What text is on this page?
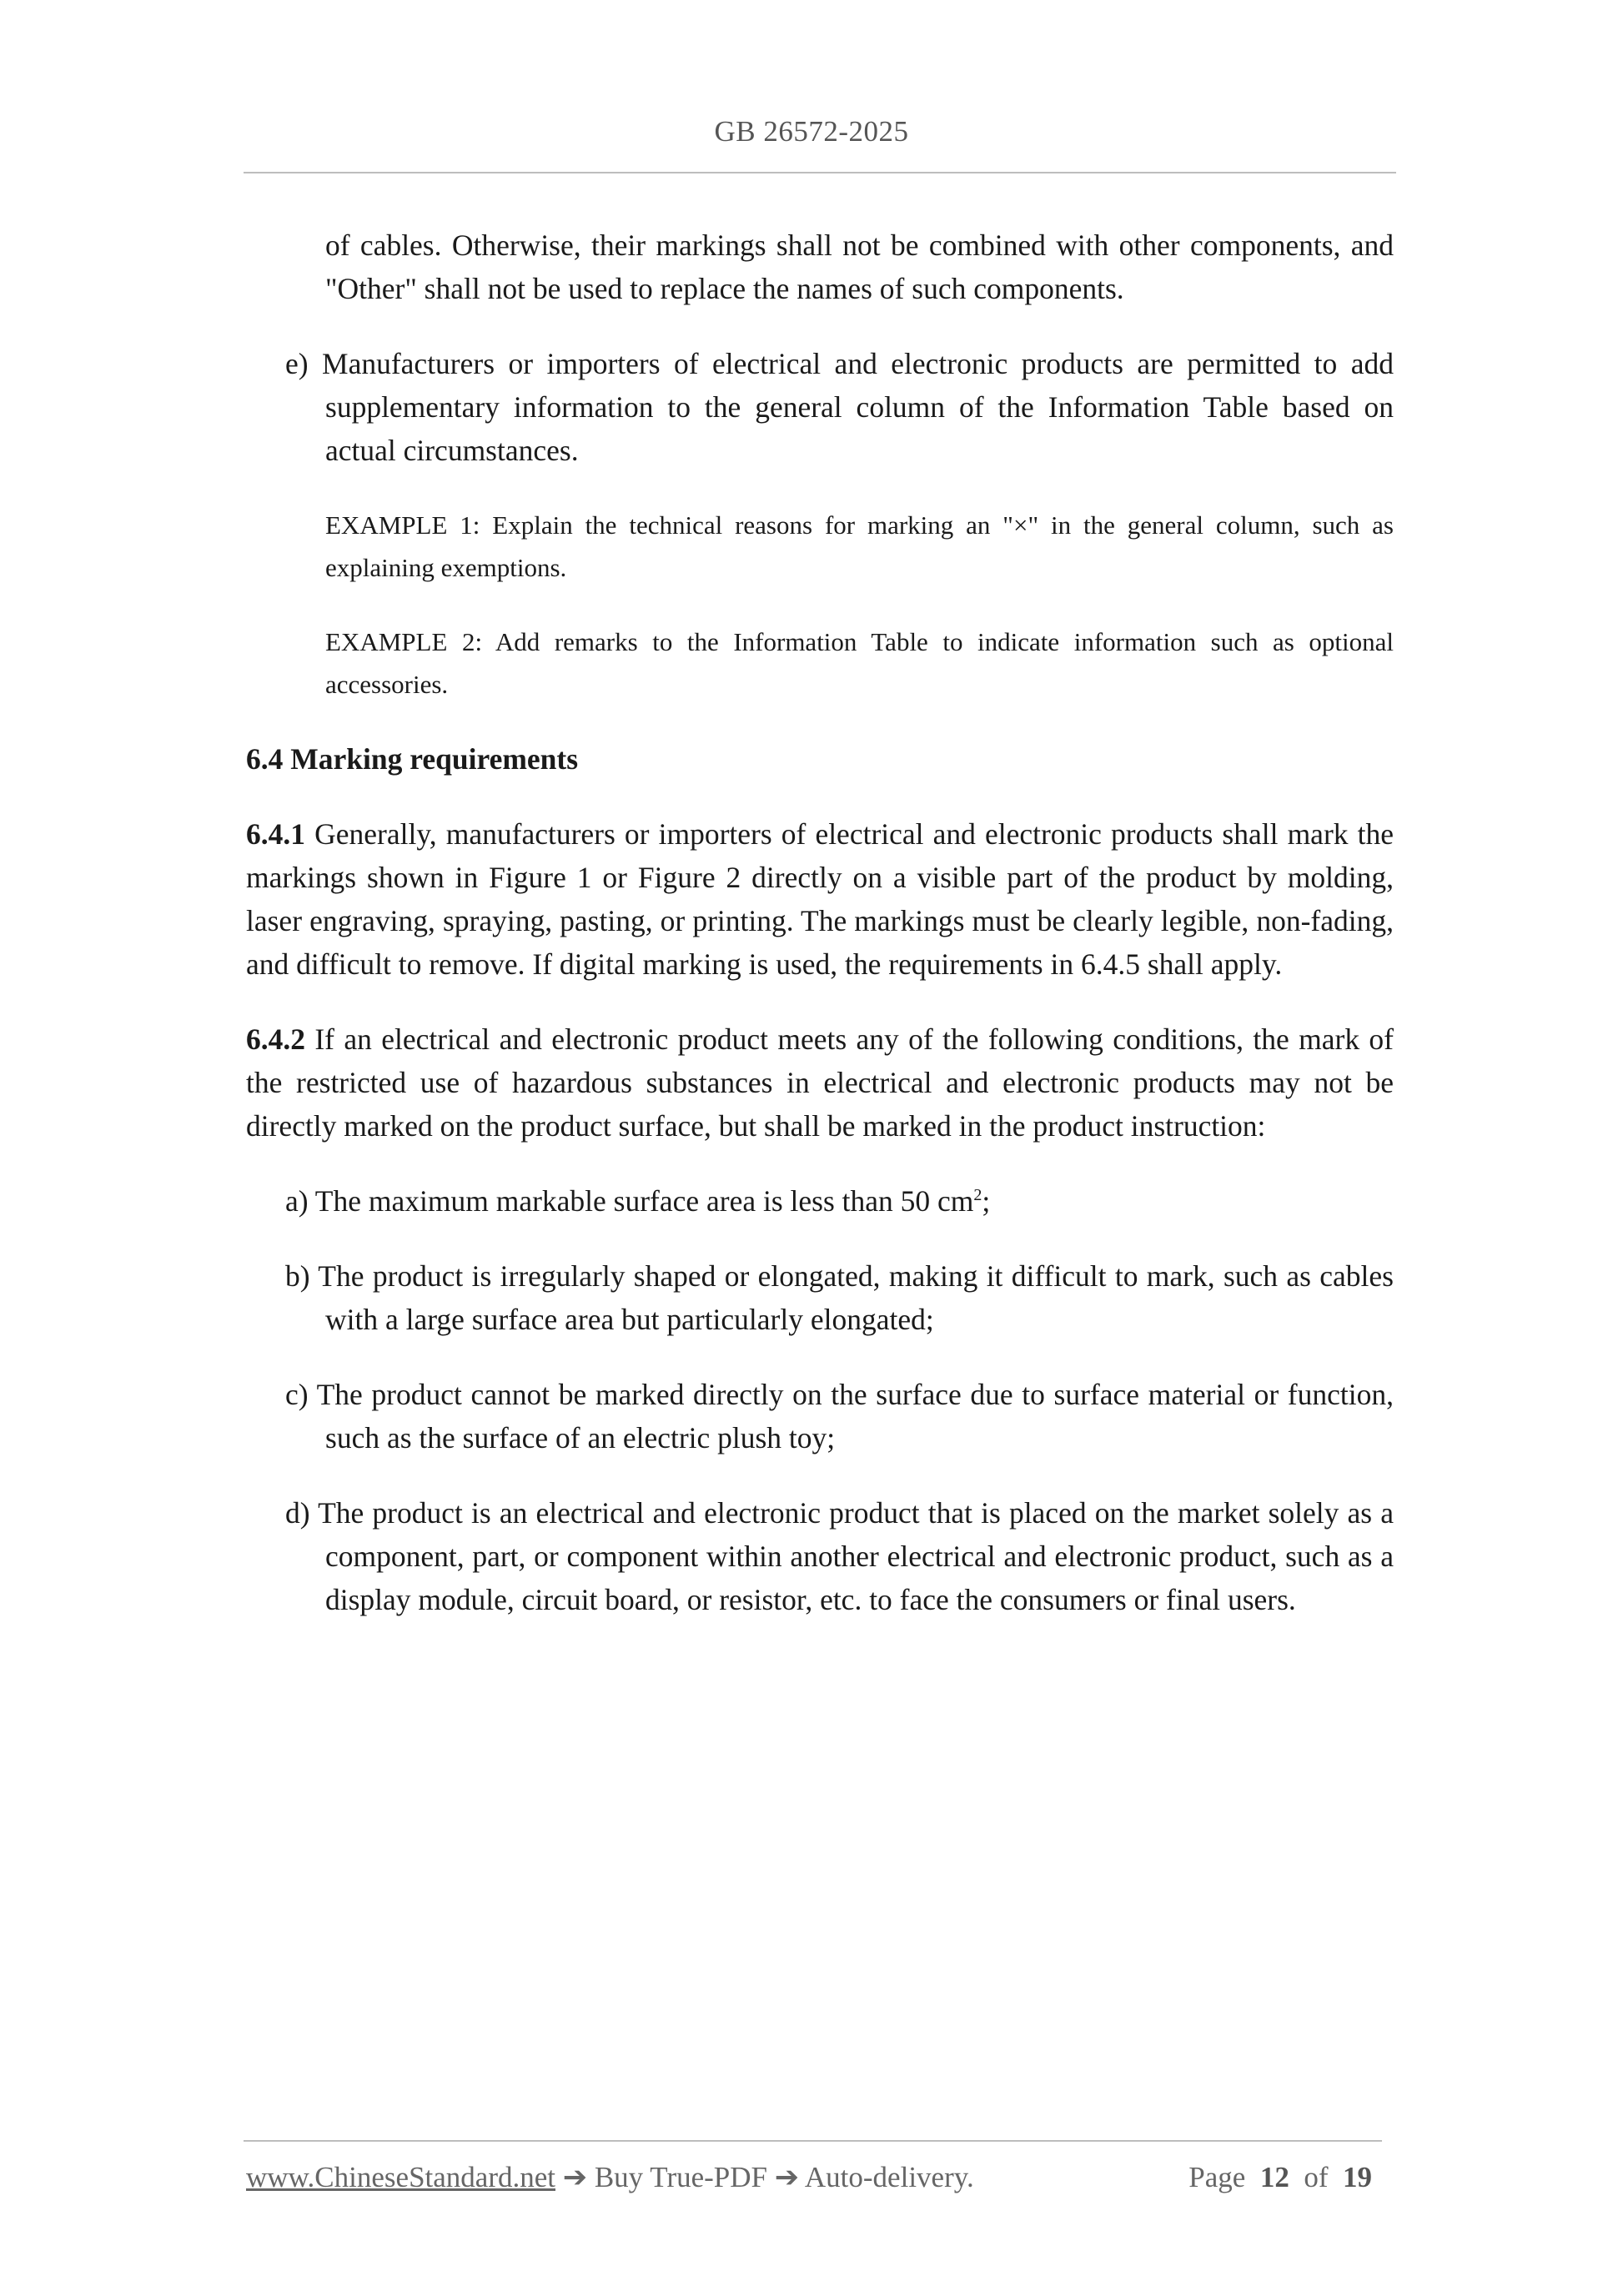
GB 26572-2025

of cables. Otherwise, their markings shall not be combined with other components, and "Other" shall not be used to replace the names of such components.

e) Manufacturers or importers of electrical and electronic products are permitted to add supplementary information to the general column of the Information Table based on actual circumstances.

EXAMPLE 1: Explain the technical reasons for marking an "×" in the general column, such as explaining exemptions.

EXAMPLE 2: Add remarks to the Information Table to indicate information such as optional accessories.

6.4 Marking requirements

6.4.1 Generally, manufacturers or importers of electrical and electronic products shall mark the markings shown in Figure 1 or Figure 2 directly on a visible part of the product by molding, laser engraving, spraying, pasting, or printing. The markings must be clearly legible, non-fading, and difficult to remove. If digital marking is used, the requirements in 6.4.5 shall apply.

6.4.2 If an electrical and electronic product meets any of the following conditions, the mark of the restricted use of hazardous substances in electrical and electronic products may not be directly marked on the product surface, but shall be marked in the product instruction:

a) The maximum markable surface area is less than 50 $cm^2$;

b) The product is irregularly shaped or elongated, making it difficult to mark, such as cables with a large surface area but particularly elongated;

c) The product cannot be marked directly on the surface due to surface material or function, such as the surface of an electric plush toy;

d) The product is an electrical and electronic product that is placed on the market solely as a component, part, or component within another electrical and electronic product, such as a display module, circuit board, or resistor, etc. to face the consumers or final users.

www.ChineseStandard.net ➔ Buy True-PDF ➔ Auto-delivery.	Page 12 of 19
